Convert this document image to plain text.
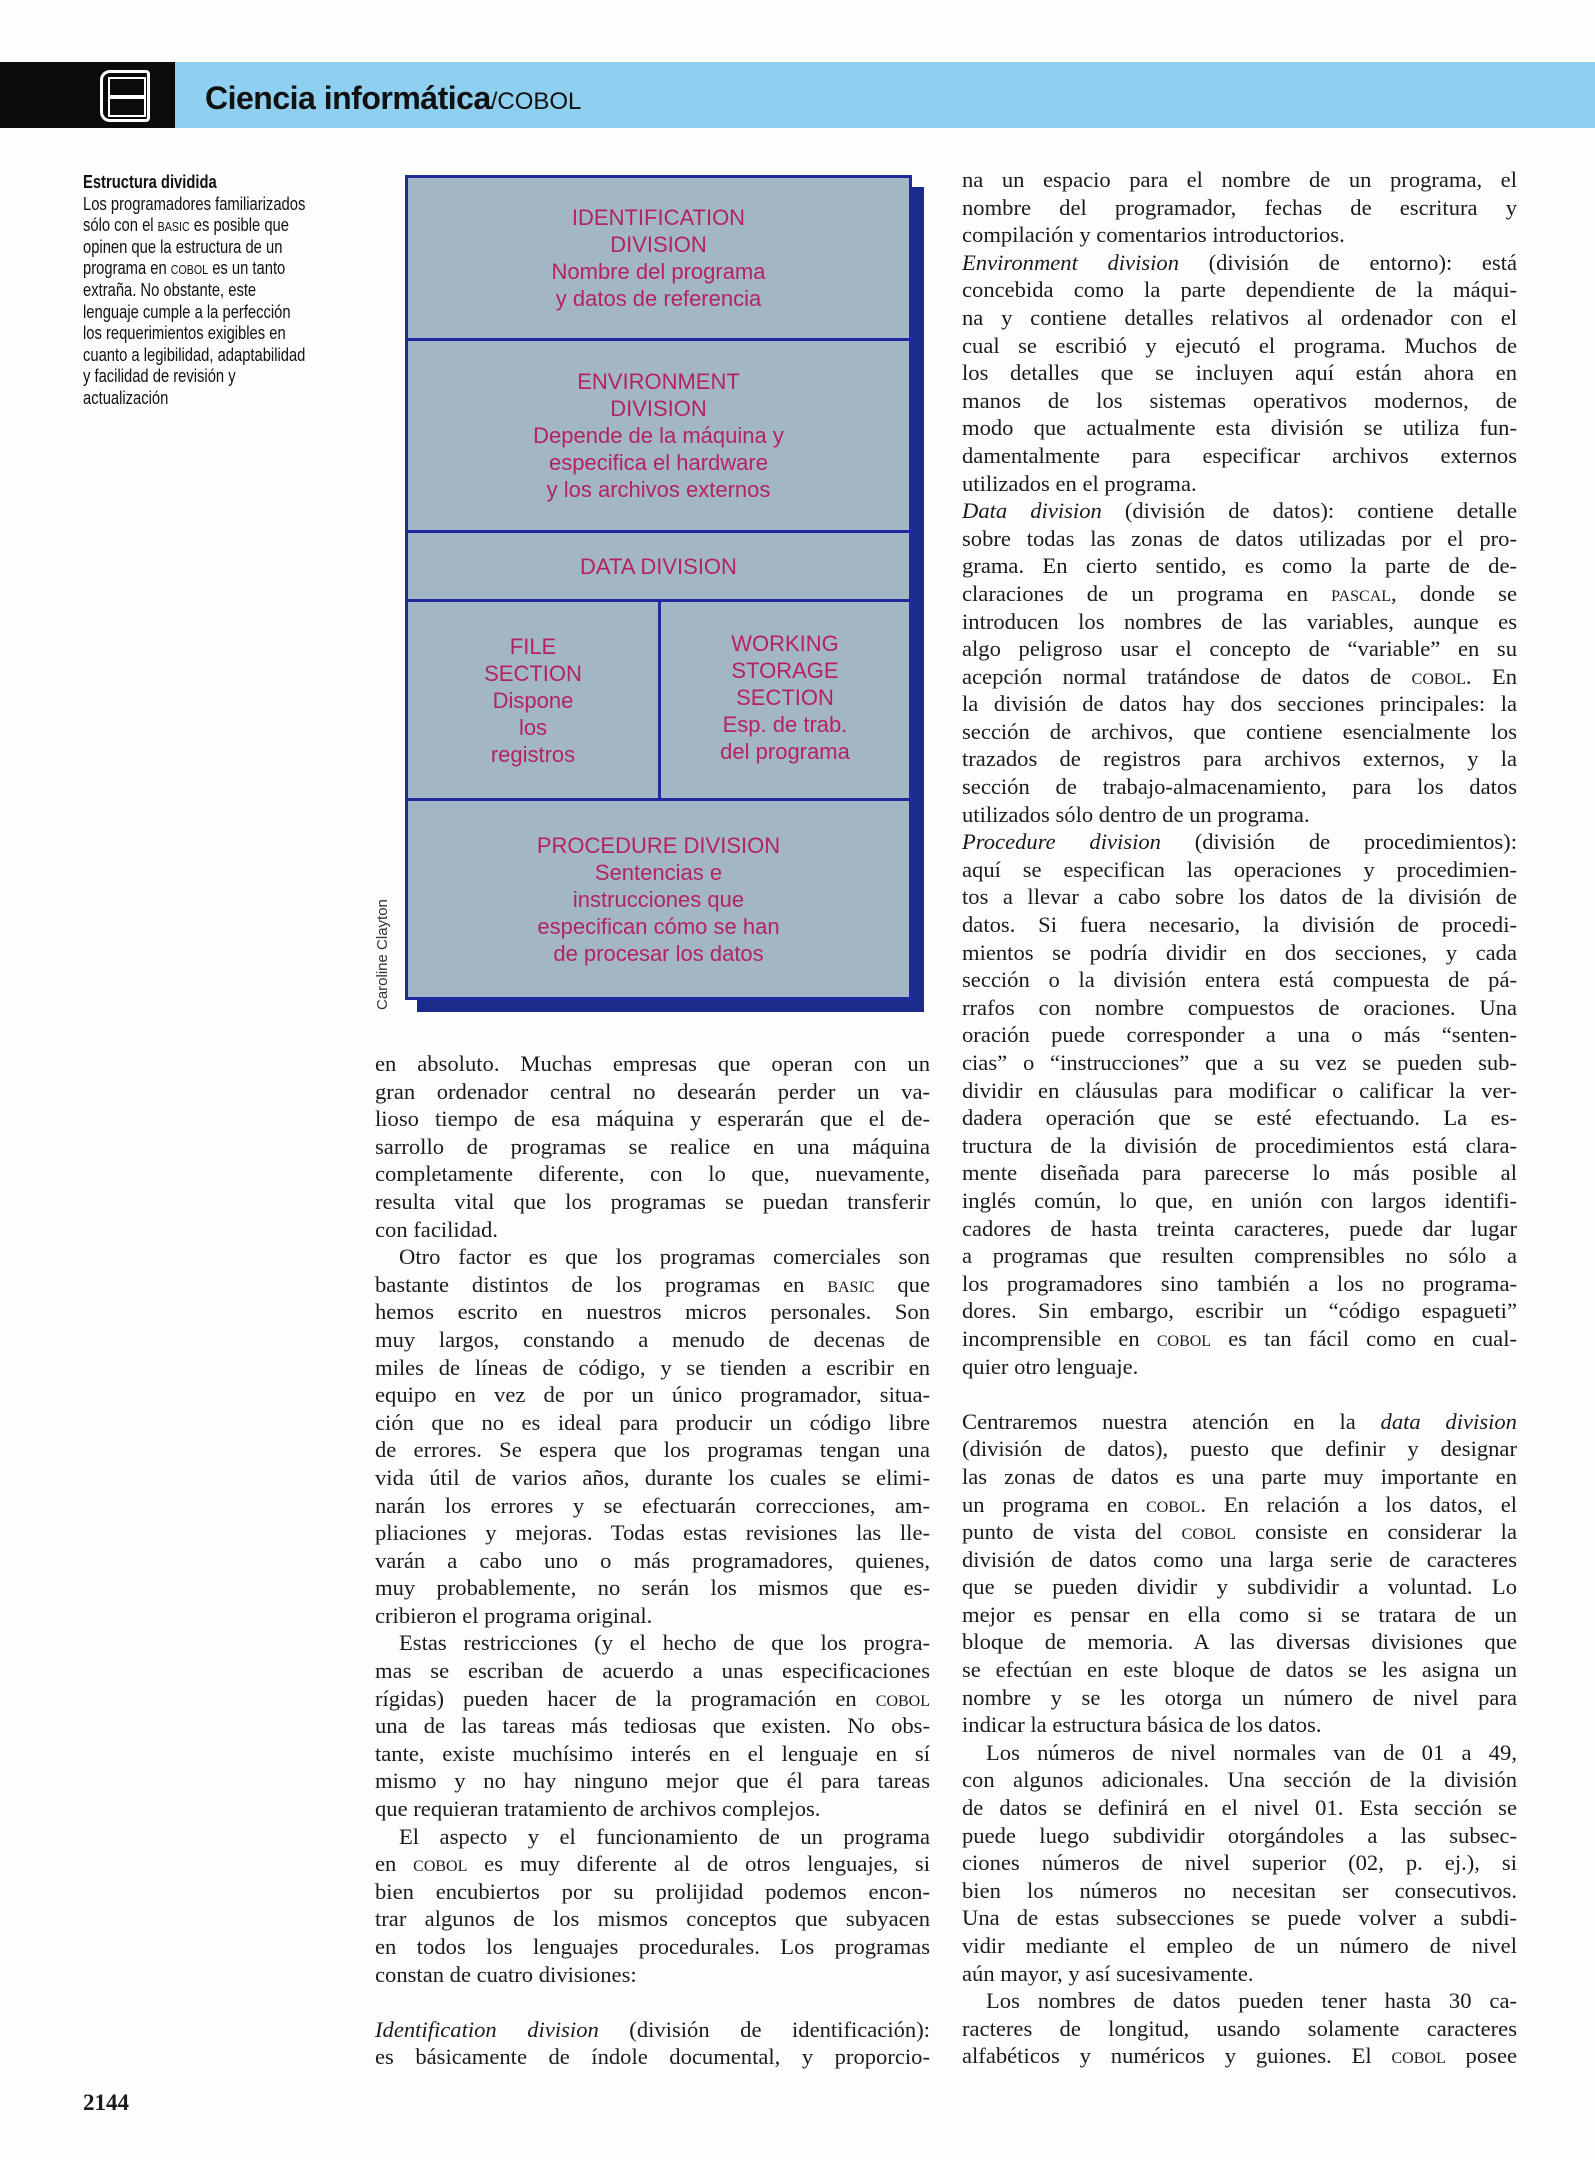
Ciencia informática/COBOL
Estructura dividida
Los programadores familiarizados
sólo con el basic es posible que
opinen que la estructura de un
programa en cobol es un tanto
extraña. No obstante, este
lenguaje cumple a la perfección
los requerimientos exigibles en
cuanto a legibilidad, adaptabilidad
y facilidad de revisión y
actualización
IDENTIFICATION
DIVISION
Nombre del programa
y datos de referencia
ENVIRONMENT
DIVISION
Depende de la máquina y
especifica el hardware
y los archivos externos
DATA DIVISION
FILE
SECTION
Dispone
los
registros
WORKING
STORAGE
SECTION
Esp. de trab.
del programa
PROCEDURE DIVISION
Sentencias e
instrucciones que
especifican cómo se han
de procesar los datos
Caroline Clayton
en absoluto. Muchas empresas que operan con un
gran ordenador central no desearán perder un va-
lioso tiempo de esa máquina y esperarán que el de-
sarrollo de programas se realice en una máquina
completamente diferente, con lo que, nuevamente,
resulta vital que los programas se puedan transferir
con facilidad.
Otro factor es que los programas comerciales son
bastante distintos de los programas en basic que
hemos escrito en nuestros micros personales. Son
muy largos, constando a menudo de decenas de
miles de líneas de código, y se tienden a escribir en
equipo en vez de por un único programador, situa-
ción que no es ideal para producir un código libre
de errores. Se espera que los programas tengan una
vida útil de varios años, durante los cuales se elimi-
narán los errores y se efectuarán correcciones, am-
pliaciones y mejoras. Todas estas revisiones las lle-
varán a cabo uno o más programadores, quienes,
muy probablemente, no serán los mismos que es-
cribieron el programa original.
Estas restricciones (y el hecho de que los progra-
mas se escriban de acuerdo a unas especificaciones
rígidas) pueden hacer de la programación en cobol
una de las tareas más tediosas que existen. No obs-
tante, existe muchísimo interés en el lenguaje en sí
mismo y no hay ninguno mejor que él para tareas
que requieran tratamiento de archivos complejos.
El aspecto y el funcionamiento de un programa
en cobol es muy diferente al de otros lenguajes, si
bien encubiertos por su prolijidad podemos encon-
trar algunos de los mismos conceptos que subyacen
en todos los lenguajes procedurales. Los programas
constan de cuatro divisiones:
Identification division (división de identificación):
es básicamente de índole documental, y proporcio-
na un espacio para el nombre de un programa, el
nombre del programador, fechas de escritura y
compilación y comentarios introductorios.
Environment division (división de entorno): está
concebida como la parte dependiente de la máqui-
na y contiene detalles relativos al ordenador con el
cual se escribió y ejecutó el programa. Muchos de
los detalles que se incluyen aquí están ahora en
manos de los sistemas operativos modernos, de
modo que actualmente esta división se utiliza fun-
damentalmente para especificar archivos externos
utilizados en el programa.
Data division (división de datos): contiene detalle
sobre todas las zonas de datos utilizadas por el pro-
grama. En cierto sentido, es como la parte de de-
claraciones de un programa en pascal, donde se
introducen los nombres de las variables, aunque es
algo peligroso usar el concepto de “variable” en su
acepción normal tratándose de datos de cobol. En
la división de datos hay dos secciones principales: la
sección de archivos, que contiene esencialmente los
trazados de registros para archivos externos, y la
sección de trabajo-almacenamiento, para los datos
utilizados sólo dentro de un programa.
Procedure division (división de procedimientos):
aquí se especifican las operaciones y procedimien-
tos a llevar a cabo sobre los datos de la división de
datos. Si fuera necesario, la división de procedi-
mientos se podría dividir en dos secciones, y cada
sección o la división entera está compuesta de pá-
rrafos con nombre compuestos de oraciones. Una
oración puede corresponder a una o más “senten-
cias” o “instrucciones” que a su vez se pueden sub-
dividir en cláusulas para modificar o calificar la ver-
dadera operación que se esté efectuando. La es-
tructura de la división de procedimientos está clara-
mente diseñada para parecerse lo más posible al
inglés común, lo que, en unión con largos identifi-
cadores de hasta treinta caracteres, puede dar lugar
a programas que resulten comprensibles no sólo a
los programadores sino también a los no programa-
dores. Sin embargo, escribir un “código espagueti”
incomprensible en cobol es tan fácil como en cual-
quier otro lenguaje.
Centraremos nuestra atención en la data division
(división de datos), puesto que definir y designar
las zonas de datos es una parte muy importante en
un programa en cobol. En relación a los datos, el
punto de vista del cobol consiste en considerar la
división de datos como una larga serie de caracteres
que se pueden dividir y subdividir a voluntad. Lo
mejor es pensar en ella como si se tratara de un
bloque de memoria. A las diversas divisiones que
se efectúan en este bloque de datos se les asigna un
nombre y se les otorga un número de nivel para
indicar la estructura básica de los datos.
Los números de nivel normales van de 01 a 49,
con algunos adicionales. Una sección de la división
de datos se definirá en el nivel 01. Esta sección se
puede luego subdividir otorgándoles a las subsec-
ciones números de nivel superior (02, p. ej.), si
bien los números no necesitan ser consecutivos.
Una de estas subsecciones se puede volver a subdi-
vidir mediante el empleo de un número de nivel
aún mayor, y así sucesivamente.
Los nombres de datos pueden tener hasta 30 ca-
racteres de longitud, usando solamente caracteres
alfabéticos y numéricos y guiones. El cobol posee
2144
